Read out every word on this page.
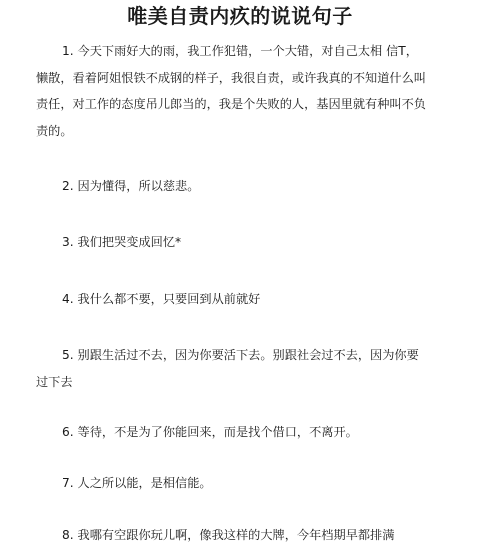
唯美自责内疚的说说句子
1. 今天下雨好大的雨，我工作犯错，一个大错，对自己太相 信T，懒散，看着阿姐恨铁不成钢的样子，我很自责，或许我真的不知道什么叫责任，对工作的态度吊儿郎当的，我是个失败的人，基因里就有种叫不负责的。
2. 因为懂得，所以慈悲。
3. 我们把哭变成回忆*
4. 我什么都不要，只要回到从前就好
5. 别跟生活过不去，因为你要活下去。别跟社会过不去，因为你要过下去
6. 等待，不是为了你能回来，而是找个借口，不离开。
7. 人之所以能，是相信能。
8. 我哪有空跟你玩儿啊，像我这样的大牌，今年档期早都排满
